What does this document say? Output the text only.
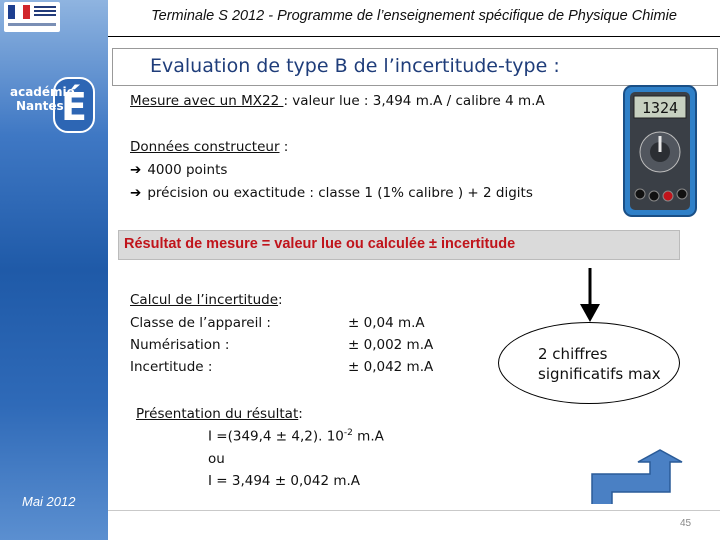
É
académie
Nantes
Mai 2012
Terminale S 2012 - Programme de l’enseignement spécifique de Physique Chimie
Evaluation de type B de l’incertitude-type :
Mesure avec un MX22 : valeur lue : 3,494 m.A / calibre 4 m.A	1324
Données constructeur :
➔ 4000 points
➔ précision ou exactitude : classe 1 (1% calibre ) + 2 digits
Résultat de mesure = valeur lue ou calculée ± incertitude
Calcul de l’incertitude:
Classe de l’appareil :	± 0,04 m.A
Numérisation :	± 0,002 m.A
Incertitude :	± 0,042 m.A
2 chiffres
significatifs max
Présentation du résultat:
I =(349,4 ± 4,2). $10^{-2}$ m.A
ou
I = 3,494 ± 0,042 m.A
45
